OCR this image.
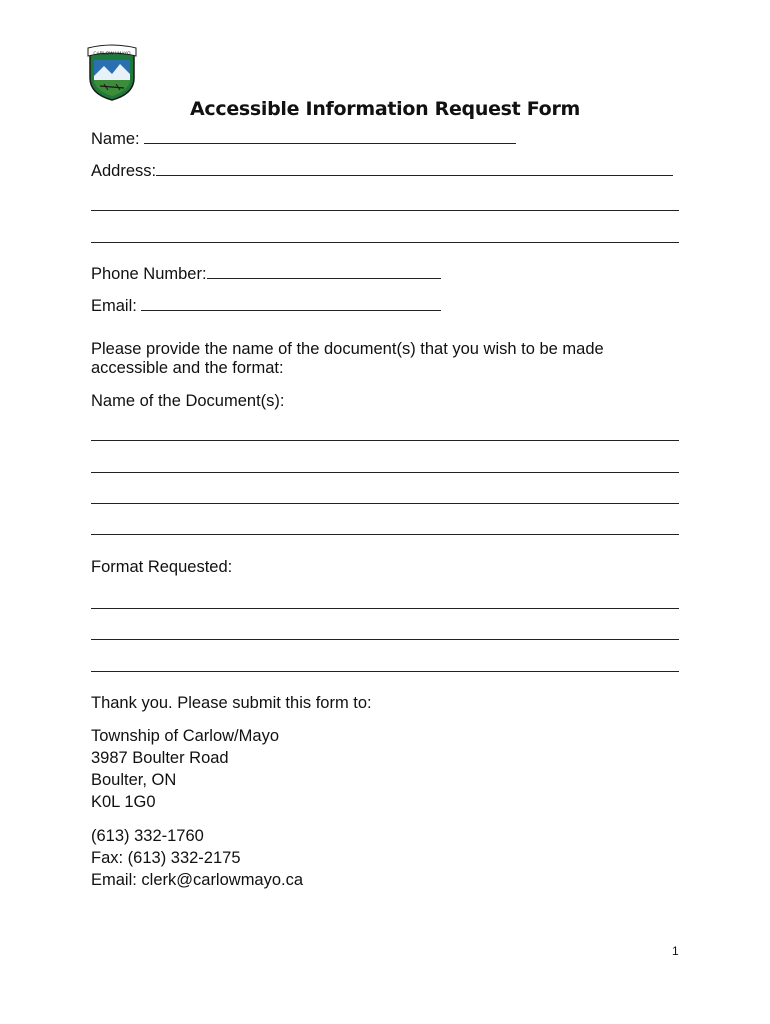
CARLOW / MAYO
Accessible Information Request Form
Name:
Address:
Phone Number:
Email:
Please provide the name of the document(s) that you wish to be made
accessible and the format:
Name of the Document(s):
Format Requested:
Thank you. Please submit this form to:
Township of Carlow/Mayo
3987 Boulter Road
Boulter, ON
K0L 1G0
(613) 332-1760
Fax: (613) 332-2175
Email: clerk@carlowmayo.ca
1
